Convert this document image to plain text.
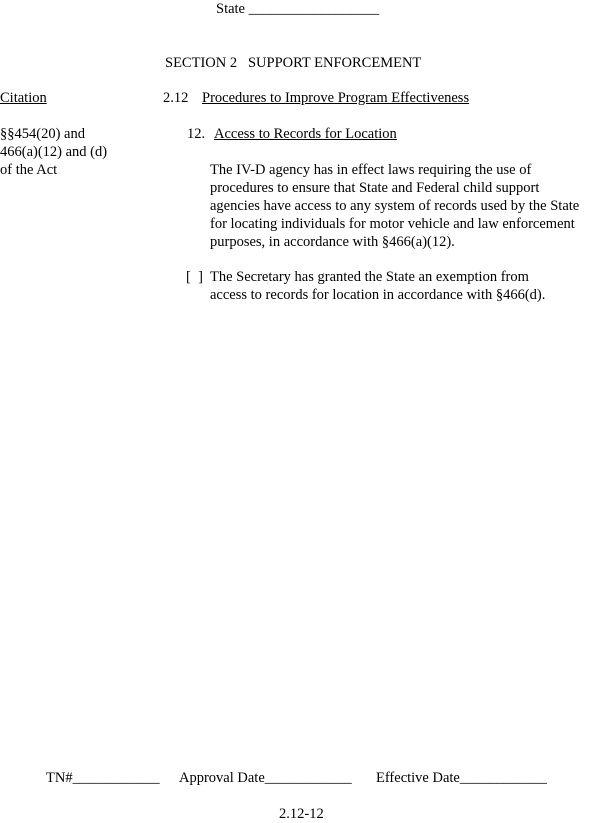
State __________________
SECTION 2   SUPPORT ENFORCEMENT
Citation	2.12 Procedures to Improve Program Effectiveness
§§454(20) and
466(a)(12) and (d)
of the Act
12. Access to Records for Location
The IV-D agency has in effect laws requiring the use of
procedures to ensure that State and Federal child support
agencies have access to any system of records used by the State
for locating individuals for motor vehicle and law enforcement
purposes, in accordance with §466(a)(12).
[  ] The Secretary has granted the State an exemption from
access to records for location in accordance with §466(d).
TN#____________ Approval Date____________ Effective Date____________
2.12-12
